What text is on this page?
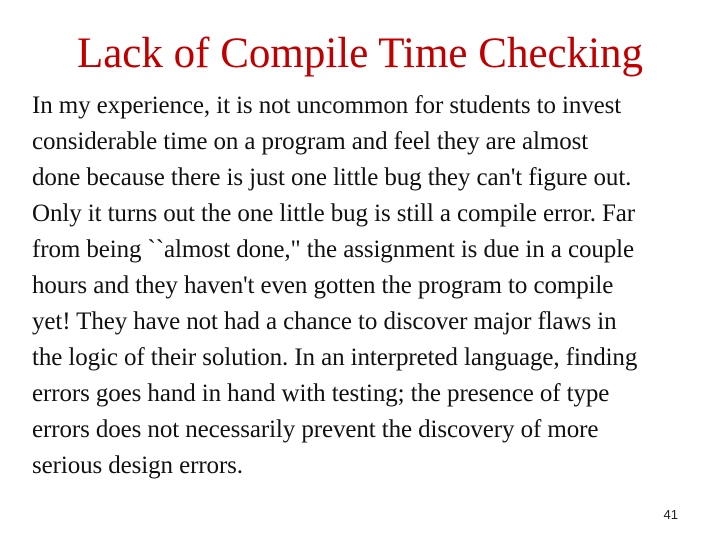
Lack of Compile Time Checking
In my experience, it is not uncommon for students to invest
considerable time on a program and feel they are almost
done because there is just one little bug they can't figure out.
Only it turns out the one little bug is still a compile error. Far
from being ``almost done," the assignment is due in a couple
hours and they haven't even gotten the program to compile
yet! They have not had a chance to discover major flaws in
the logic of their solution. In an interpreted language, finding
errors goes hand in hand with testing; the presence of type
errors does not necessarily prevent the discovery of more
serious design errors.
41
